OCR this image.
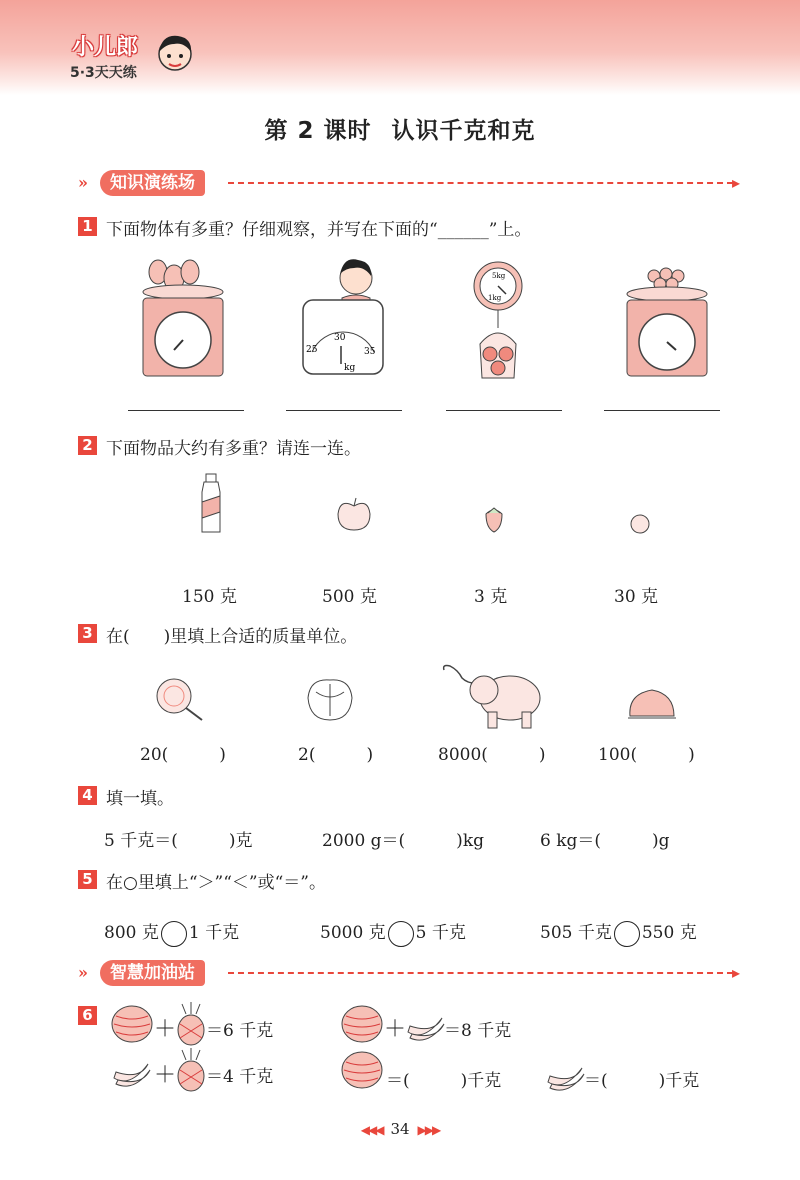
小儿郎
5·3天天练
第 2 课时 认识千克和克
»	知识演练场	▸
1 下面物体有多重？仔细观察，并写在下面的“______”上。
30
25	35
kg
5kg
1kg
2 下面物品大约有多重？请连一连。
150 克	500 克	3 克	30 克
3 在(　　)里填上合适的质量单位。
20(　　　)	2(　　　)	8000(　　　)	100(　　　)
4 填一填。
5 千克＝(　　　)克	2000 g＝(　　　)kg	6 kg＝(　　　)g
5 在○里填上“＞”“＜”或“＝”。
800 克 1 千克	5000 克 5 千克	505 千克 550 克
»	智慧加油站	▸
6
＋ ＝6 千克	＋ ＝8 千克
＋ ＝4 千克	＝(　　　)千克	＝(　　　)千克
◀◀◀ 34 ▶▶▶
